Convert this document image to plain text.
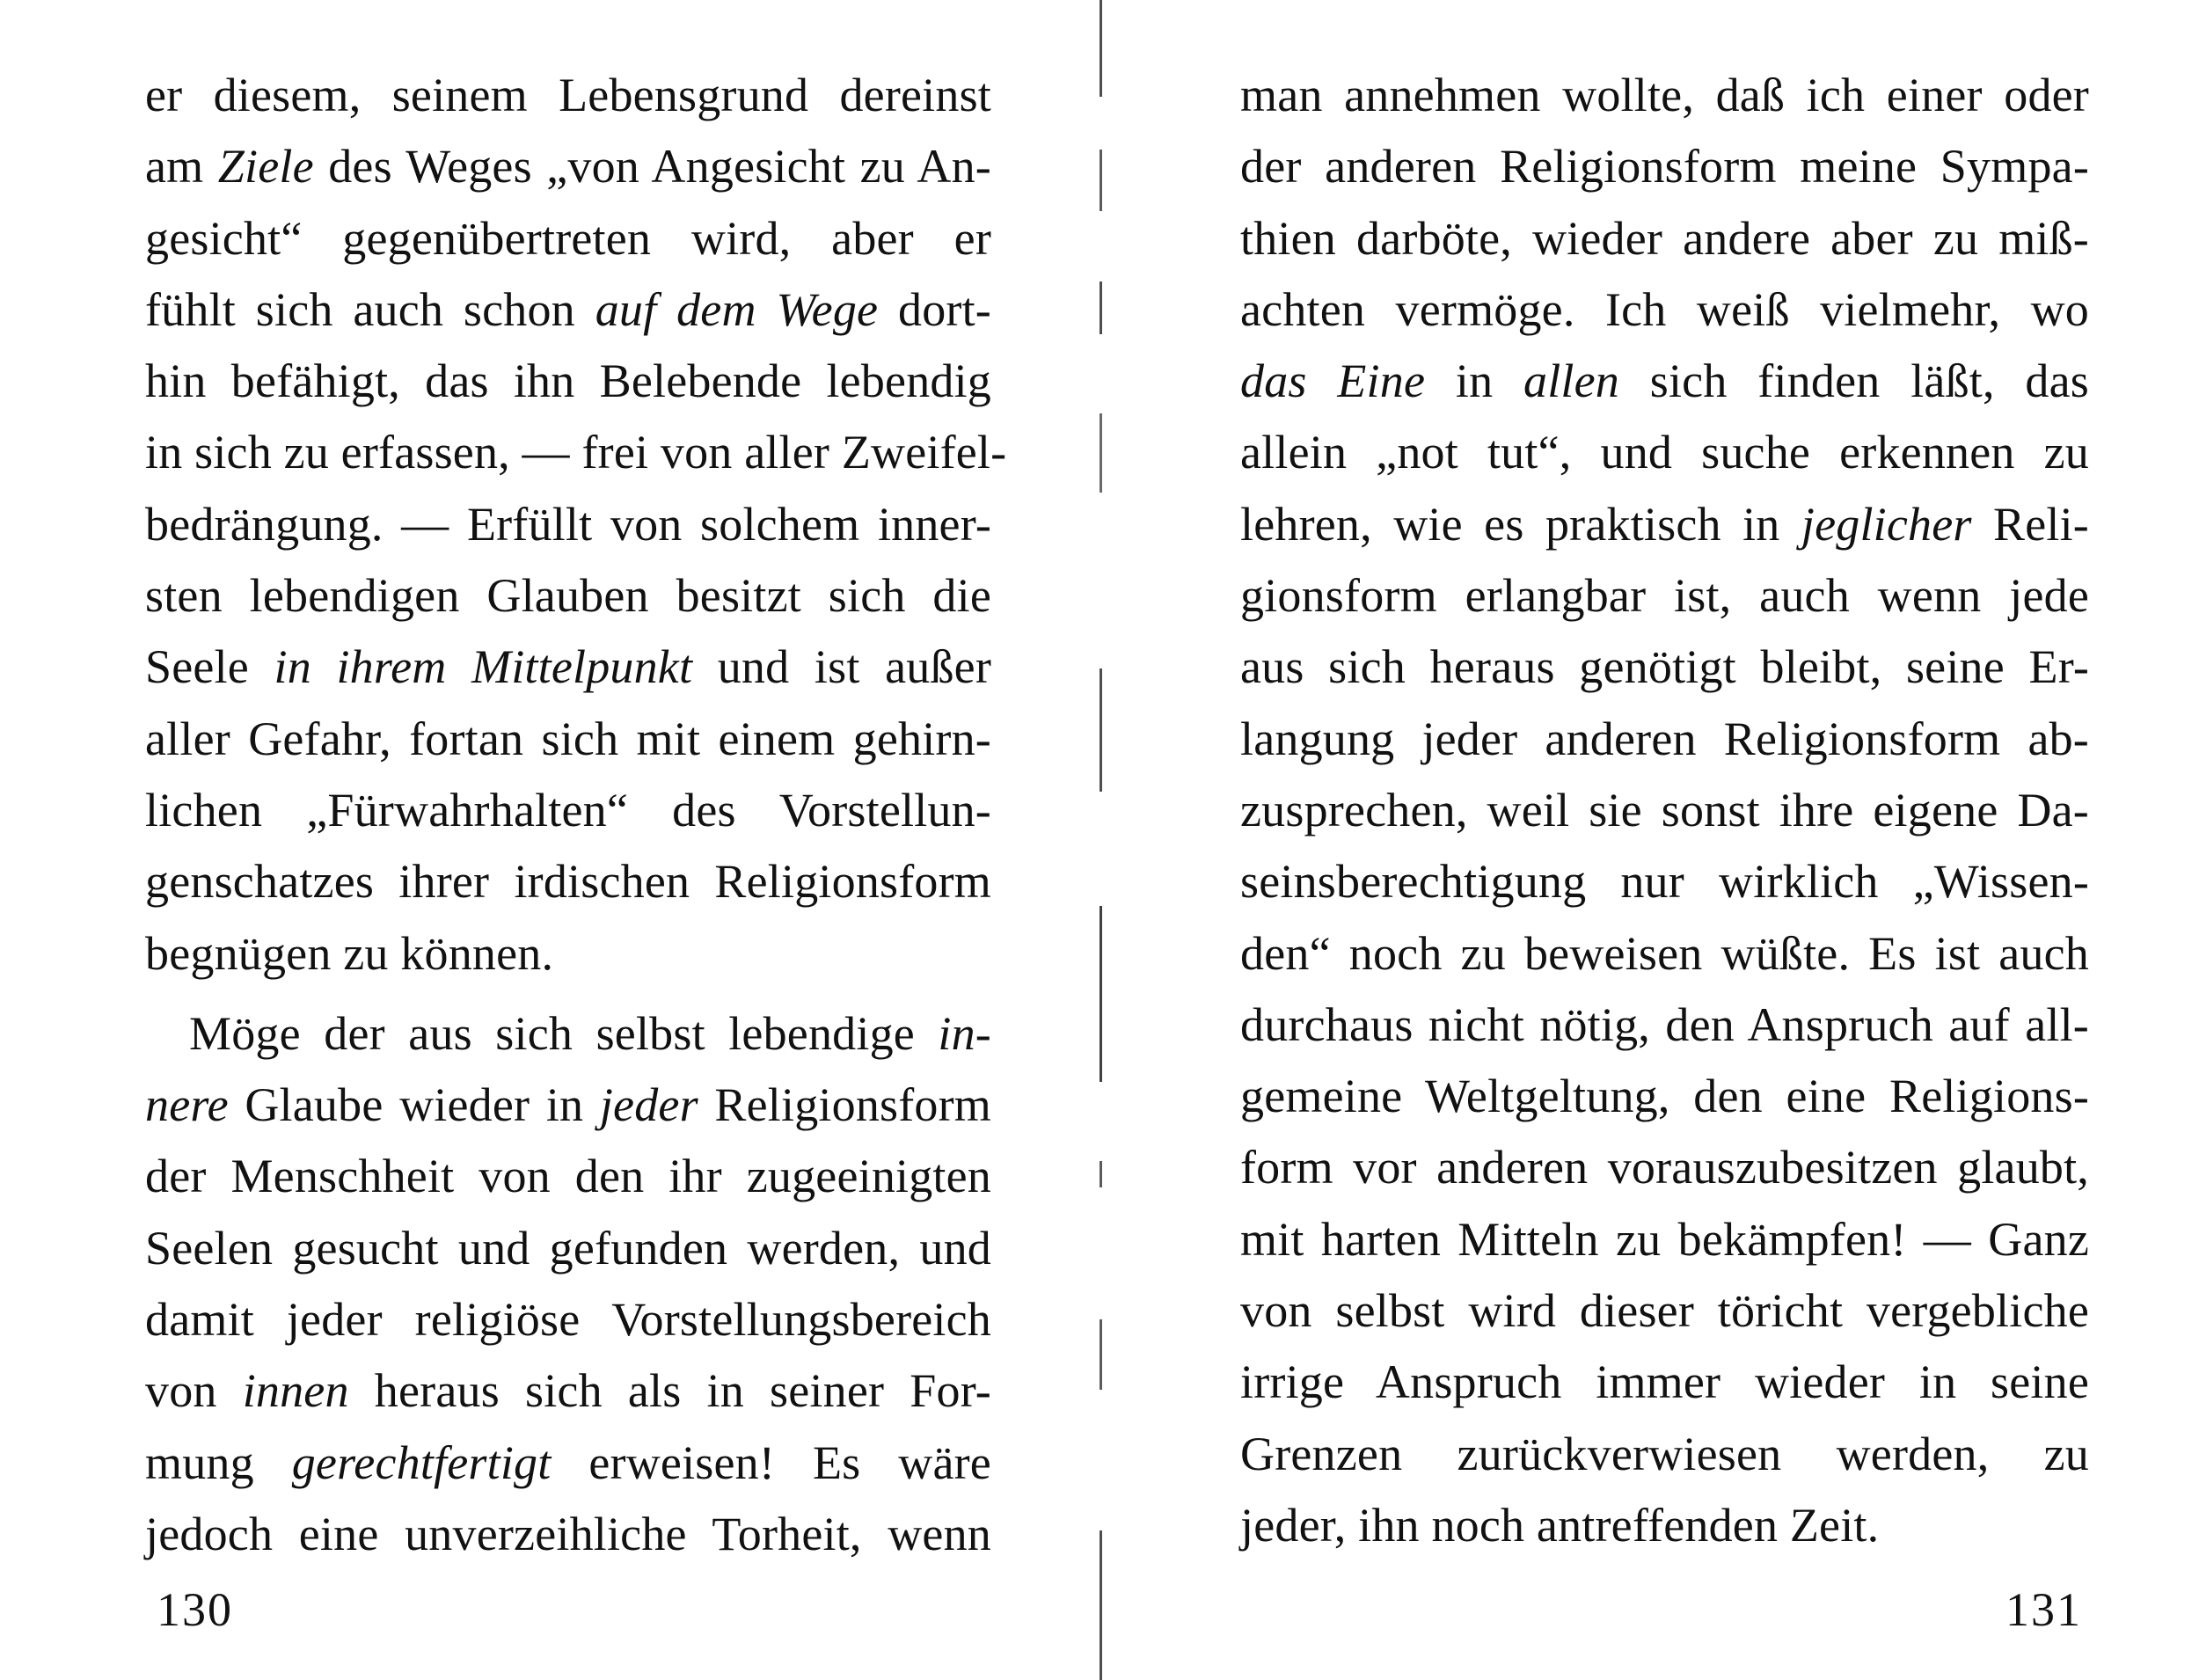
er diesem, seinem Lebensgrund dereinst
am Ziele des Weges „von Angesicht zu An-
gesicht“ gegenübertreten wird, aber er
fühlt sich auch schon auf dem Wege dort-
hin befähigt, das ihn Belebende lebendig
in sich zu erfassen, — frei von aller Zweifel-
bedrängung. — Erfüllt von solchem inner-
sten lebendigen Glauben besitzt sich die
Seele in ihrem Mittelpunkt und ist außer
aller Gefahr, fortan sich mit einem gehirn-
lichen „Fürwahrhalten“ des Vorstellun-
genschatzes ihrer irdischen Religionsform
begnügen zu können.
Möge der aus sich selbst lebendige in-
nere Glaube wieder in jeder Religionsform
der Menschheit von den ihr zugeeinigten
Seelen gesucht und gefunden werden, und
damit jeder religiöse Vorstellungsbereich
von innen heraus sich als in seiner For-
mung gerechtfertigt erweisen! Es wäre
jedoch eine unverzeihliche Torheit, wenn
130
man annehmen wollte, daß ich einer oder
der anderen Religionsform meine Sympa-
thien darböte, wieder andere aber zu miß-
achten vermöge. Ich weiß vielmehr, wo
das Eine in allen sich finden läßt, das
allein „not tut“, und suche erkennen zu
lehren, wie es praktisch in jeglicher Reli-
gionsform erlangbar ist, auch wenn jede
aus sich heraus genötigt bleibt, seine Er-
langung jeder anderen Religionsform ab-
zusprechen, weil sie sonst ihre eigene Da-
seinsberechtigung nur wirklich „Wissen-
den“ noch zu beweisen wüßte. Es ist auch
durchaus nicht nötig, den Anspruch auf all-
gemeine Weltgeltung, den eine Religions-
form vor anderen vorauszubesitzen glaubt,
mit harten Mitteln zu bekämpfen! — Ganz
von selbst wird dieser töricht vergebliche
irrige Anspruch immer wieder in seine
Grenzen zurückverwiesen werden, zu
jeder, ihn noch antreffenden Zeit.
131
